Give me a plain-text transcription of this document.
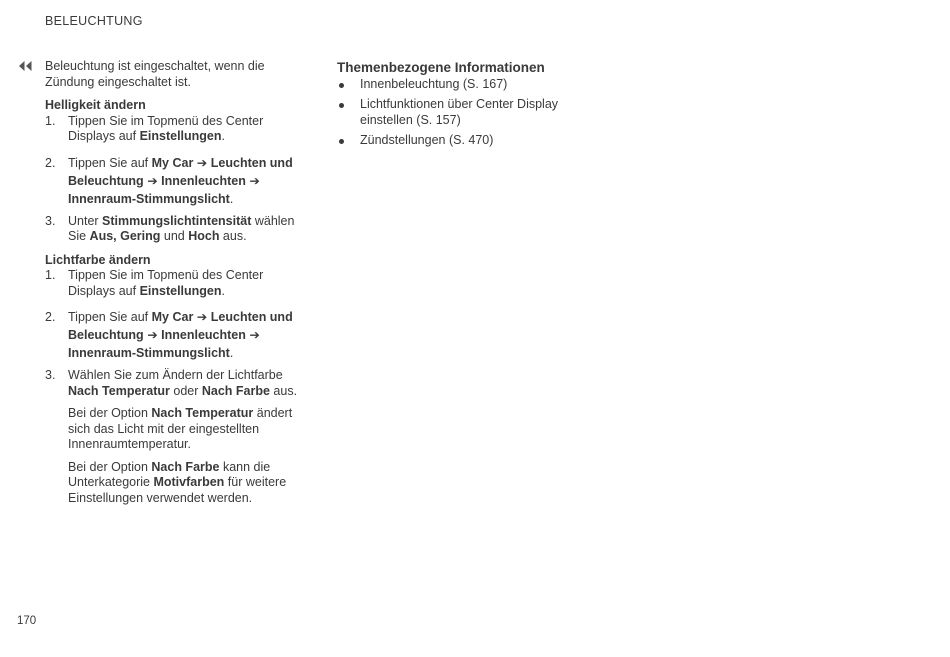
BELEUCHTUNG

Beleuchtung ist eingeschaltet, wenn die Zündung eingeschaltet ist.

Helligkeit ändern

1. Tippen Sie im Topmenü des Center Displays auf Einstellungen.
2. Tippen Sie auf My Car ➔ Leuchten und Beleuchtung ➔ Innenleuchten ➔ Innenraum-Stimmungslicht.
3. Unter Stimmungslichtintensität wählen Sie Aus, Gering und Hoch aus.

Lichtfarbe ändern

1. Tippen Sie im Topmenü des Center Displays auf Einstellungen.
2. Tippen Sie auf My Car ➔ Leuchten und Beleuchtung ➔ Innenleuchten ➔ Innenraum-Stimmungslicht.
3. Wählen Sie zum Ändern der Lichtfarbe Nach Temperatur oder Nach Farbe aus.

Bei der Option Nach Temperatur ändert sich das Licht mit der eingestellten Innenraumtemperatur.

Bei der Option Nach Farbe kann die Unterkategorie Motivfarben für weitere Einstellungen verwendet werden.

Themenbezogene Informationen

Innenbeleuchtung (S. 167)
Lichtfunktionen über Center Display einstellen (S. 157)
Zündstellungen (S. 470)
170
